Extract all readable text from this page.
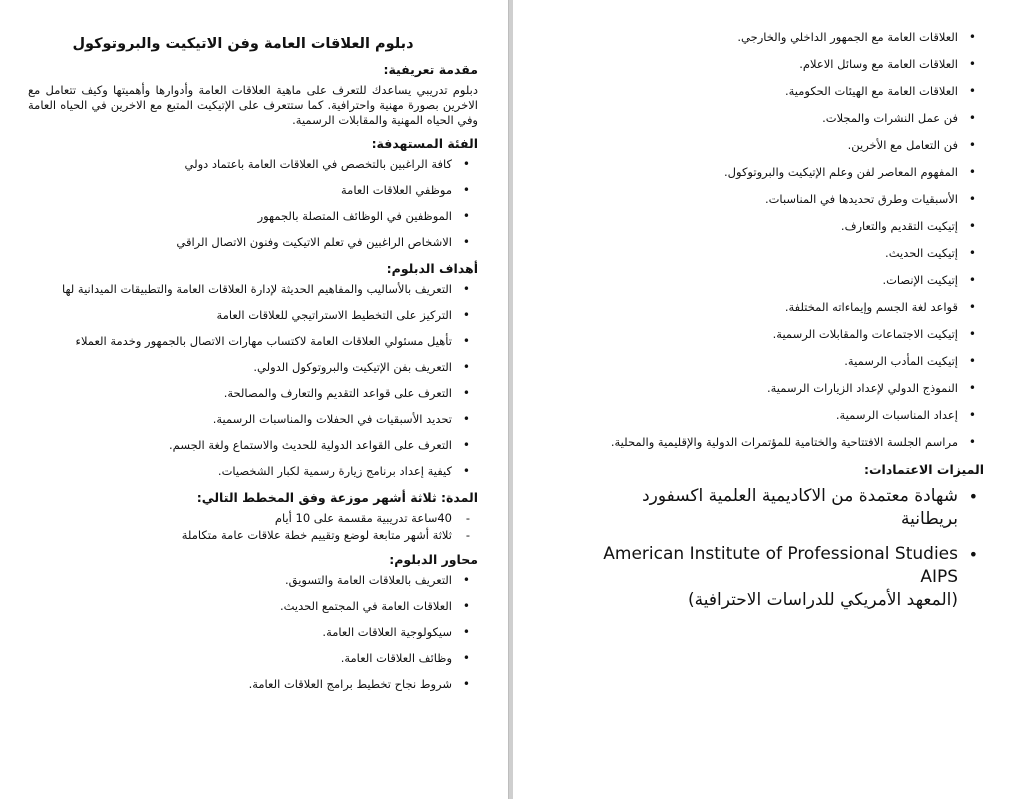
دبلوم العلاقات العامة وفن الاتيكيت والبروتوكول
مقدمة تعريفية:

دبلوم تدريبي يساعدك للتعرف على ماهية العلاقات العامة وأدوارها وأهميتها وكيف تتعامل مع الاخرين بصورة مهنية واحترافية. كما ستتعرف على الإتيكيت المتبع مع الاخرين في الحياه العامة وفي الحياه المهنية والمقابلات الرسمية.

الفئة المستهدفة:
• كافة الراغبين بالتخصص في العلاقات العامة باعتماد دولي
• موظفي العلاقات العامة
• الموظفين في الوظائف المتصلة بالجمهور
• الاشخاص الراغبين في تعلم الاتيكيت وفنون الاتصال الراقي
أهداف الدبلوم:
• التعريف بالأساليب والمفاهيم الحديثة لإدارة العلاقات العامة والتطبيقات الميدانية لها
• التركيز على التخطيط الاستراتيجي للعلاقات العامة
• تأهيل مسئولي العلاقات العامة لاكتساب مهارات الاتصال بالجمهور وخدمة العملاء
• التعريف بفن الإتيكيت والبروتوكول الدولي.
• التعرف على قواعد التقديم والتعارف والمصالحة.
• تحديد الأسبقيات في الحفلات والمناسبات الرسمية.
• التعرف على القواعد الدولية للحديث والاستماع ولغة الجسم.
• كيفية إعداد برنامج زيارة رسمية لكبار الشخصيات.
المدة: ثلاثة أشهر موزعة وفق المخطط التالي:
- 40ساعة تدريبية مقسمة على 10 أيام
- ثلاثة أشهر متابعة لوضع وتقييم خطة علاقات عامة متكاملة
محاور الدبلوم:
• التعريف بالعلاقات العامة والتسويق.
• العلاقات العامة في المجتمع الحديث.
• سيكولوجية العلاقات العامة.
• وظائف العلاقات العامة.
• شروط نجاح تخطيط برامج العلاقات العامة.
• العلاقات العامة مع الجمهور الداخلي والخارجي.
• العلاقات العامة مع وسائل الاعلام.
• العلاقات العامة مع الهيئات الحكومية.
• فن عمل النشرات والمجلات.
• فن التعامل مع الأخرين.
• المفهوم المعاصر لفن وعلم الإتيكيت والبروتوكول.
• الأسبقيات وطرق تحديدها في المناسبات.
• إتيكيت التقديم والتعارف.
• إتيكيت الحديث.
• إتيكيت الإنصات.
• قواعد لغة الجسم وإيماءاته المختلفة.
• إتيكيت الاجتماعات والمقابلات الرسمية.
• إتيكيت المأدب الرسمية.
• النموذج الدولي لإعداد الزيارات الرسمية.
• إعداد المناسبات الرسمية.
• مراسم الجلسة الافتتاحية والختامية للمؤتمرات الدولية والإقليمية والمحلية.
الميزات الاعتمادات:
• شهادة معتمدة من الاكاديمية العلمية اكسفورد بريطانية
• American Institute of Professional Studies AIPS
(المعهد الأمريكي للدراسات الاحترافية)
